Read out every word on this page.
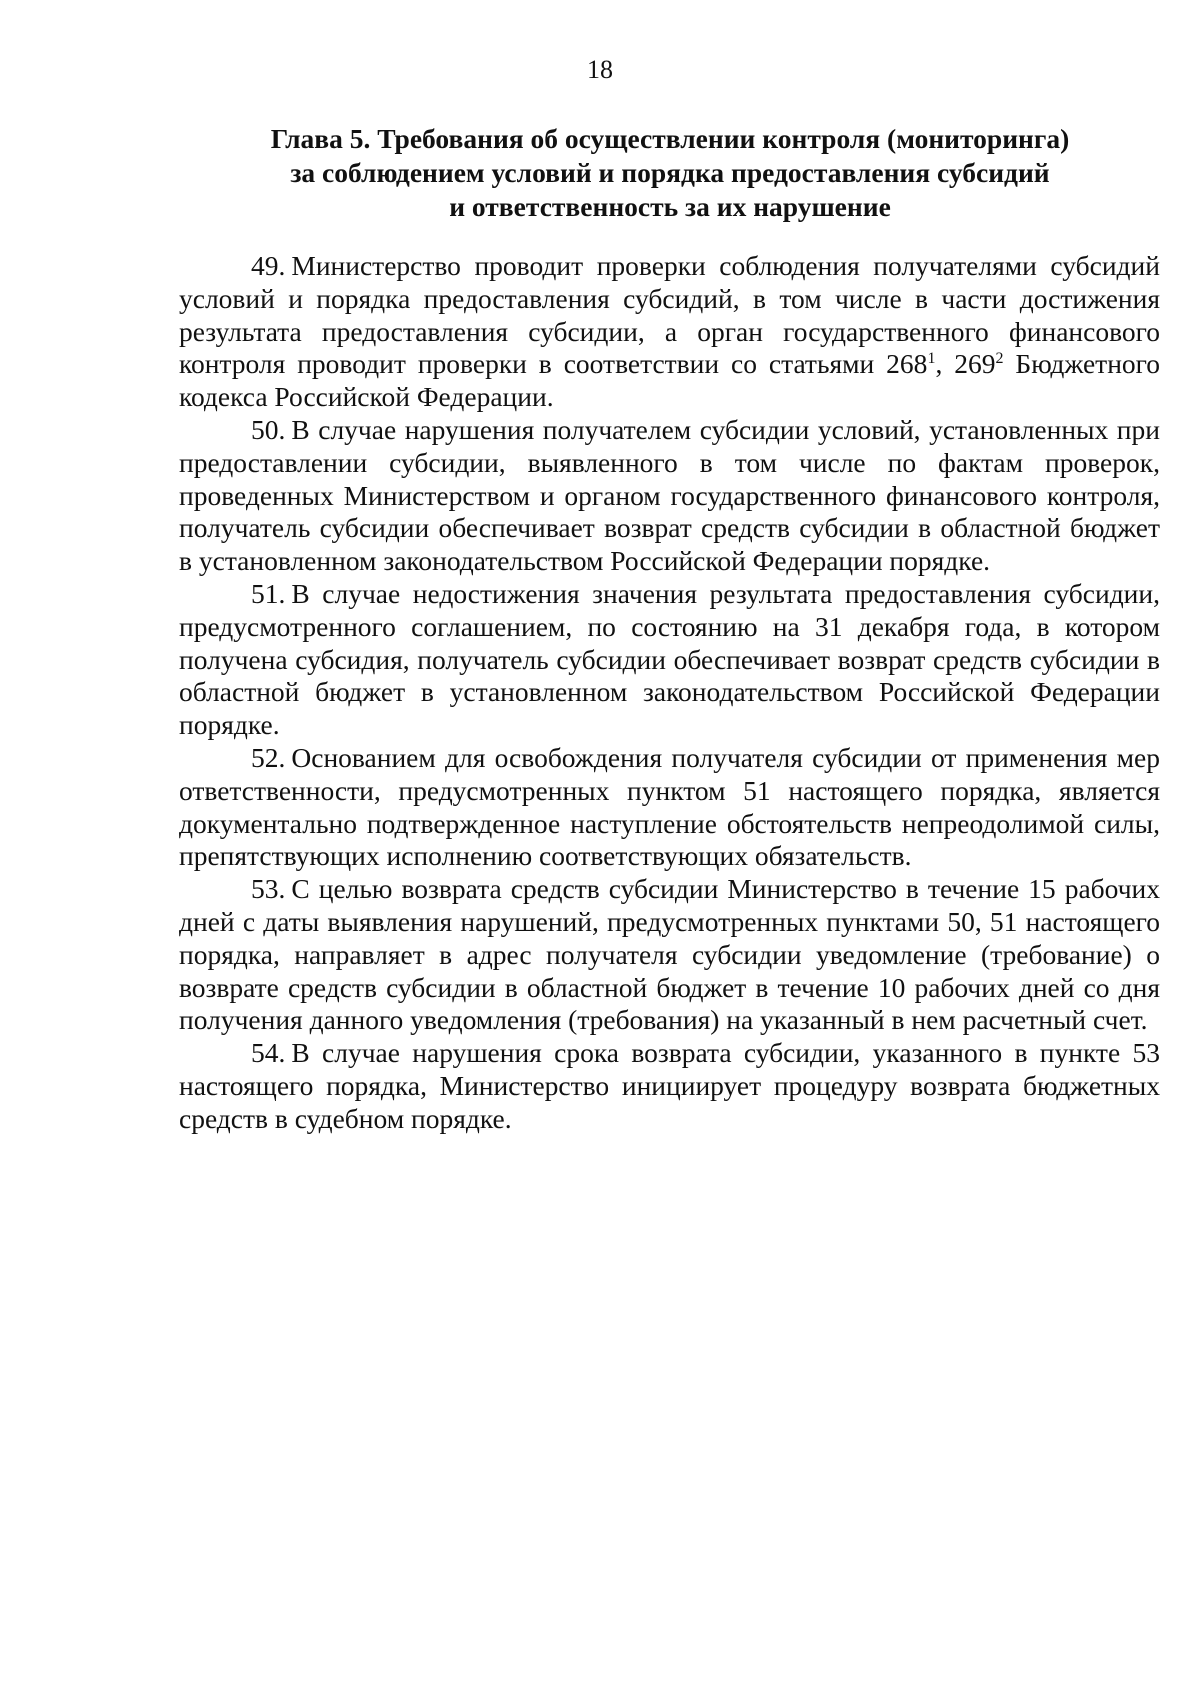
18
Глава 5. Требования об осуществлении контроля (мониторинга)
за соблюдением условий и порядка предоставления субсидий
и ответственность за их нарушение

49. Министерство проводит проверки соблюдения получателями субсидий условий и порядка предоставления субсидий, в том числе в части достижения результата предоставления субсидии, а орган государственного финансового контроля проводит проверки в соответствии со статьями $268^1$, $269^2$ Бюджетного кодекса Российской Федерации.

50. В случае нарушения получателем субсидии условий, установленных при предоставлении субсидии, выявленного в том числе по фактам проверок, проведенных Министерством и органом государственного финансового контроля, получатель субсидии обеспечивает возврат средств субсидии в областной бюджет в установленном законодательством Российской Федерации порядке.

51. В случае недостижения значения результата предоставления субсидии, предусмотренного соглашением, по состоянию на 31 декабря года, в котором получена субсидия, получатель субсидии обеспечивает возврат средств субсидии в областной бюджет в установленном законодательством Российской Федерации порядке.

52. Основанием для освобождения получателя субсидии от применения мер ответственности, предусмотренных пунктом 51 настоящего порядка, является документально подтвержденное наступление обстоятельств непреодолимой силы, препятствующих исполнению соответствующих обязательств.

53. С целью возврата средств субсидии Министерство в течение 15 рабочих дней с даты выявления нарушений, предусмотренных пунктами 50, 51 настоящего порядка, направляет в адрес получателя субсидии уведомление (требование) о возврате средств субсидии в областной бюджет в течение 10 рабочих дней со дня получения данного уведомления (требования) на указанный в нем расчетный счет.

54. В случае нарушения срока возврата субсидии, указанного в пункте 53 настоящего порядка, Министерство инициирует процедуру возврата бюджетных средств в судебном порядке.
